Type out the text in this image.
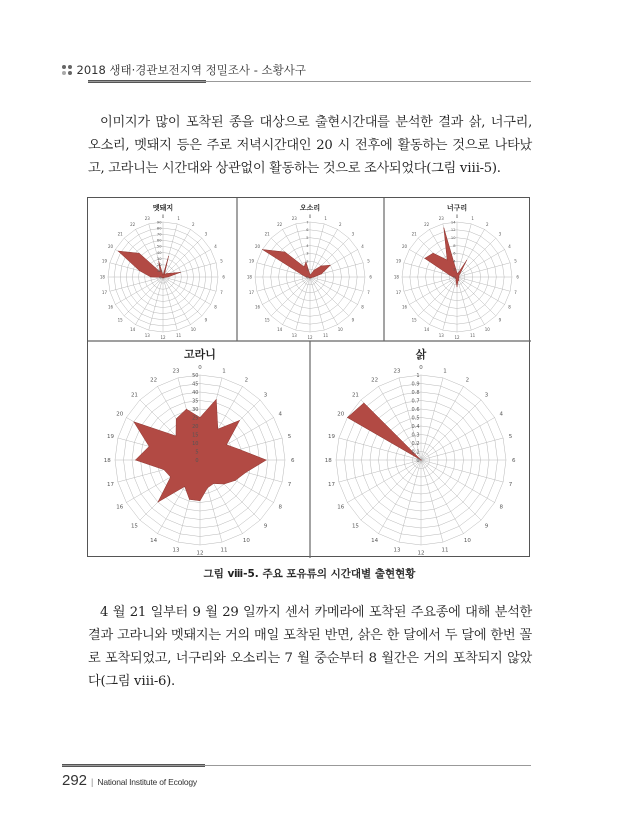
2018 생태·경관보전지역 정밀조사 - 소황사구

이미지가 많이 포착된 종을 대상으로 출현시간대를 분석한 결과 삵, 너구리, 오소리, 멧돼지 등은 주로 저녁시간대인 20 시 전후에 활동하는 것으로 나타났고, 고라니는 시간대와 상관없이 활동하는 것으로 조사되었다(그림 ⅷ-5).

0
10
20
30
40
50
60
70
80
90
0	1
2
3
4
5
6
7
8
9
10
11
12
13
14
15
16
17
18
19
20
21
22
23
멧돼지
0
1
2
3
4
5
6
7
0	1
2
3
4
5
6
7
8
9
10
11
12
13
14
15
16
17
18
19
20
21
22
23
오소리
0
2
4
6
8
10
12
14
0	1
2
3
4
5
6
7
8
9
10
11
12
13
14
15
16
17
18
19
20
21
22
23
너구리
0
5
10
15
20
25
30
35
40
45
50
0
1
2
3
4
5
6
7
8
9
10
11
12
13
14
15
16
17
18
19
20
21
22
23
고라니
0
0.1
0.2
0.3
0.4
0.5
0.6
0.7
0.8
0.9
1
0
1
2
3
4
5
6
7
8
9
10
11
12
13
14
15
16
17
18
19
20
21
22
23
삵
그림 ⅷ-5. 주요 포유류의 시간대별 출현현황

4 월 21 일부터 9 월 29 일까지 센서 카메라에 포착된 주요종에 대해 분석한 결과 고라니와 멧돼지는 거의 매일 포착된 반면, 삵은 한 달에서 두 달에 한번 꼴로 포착되었고, 너구리와 오소리는 7 월 중순부터 8 월간은 거의 포착되지 않았다(그림 ⅷ-6).

292 | National Institute of Ecology
